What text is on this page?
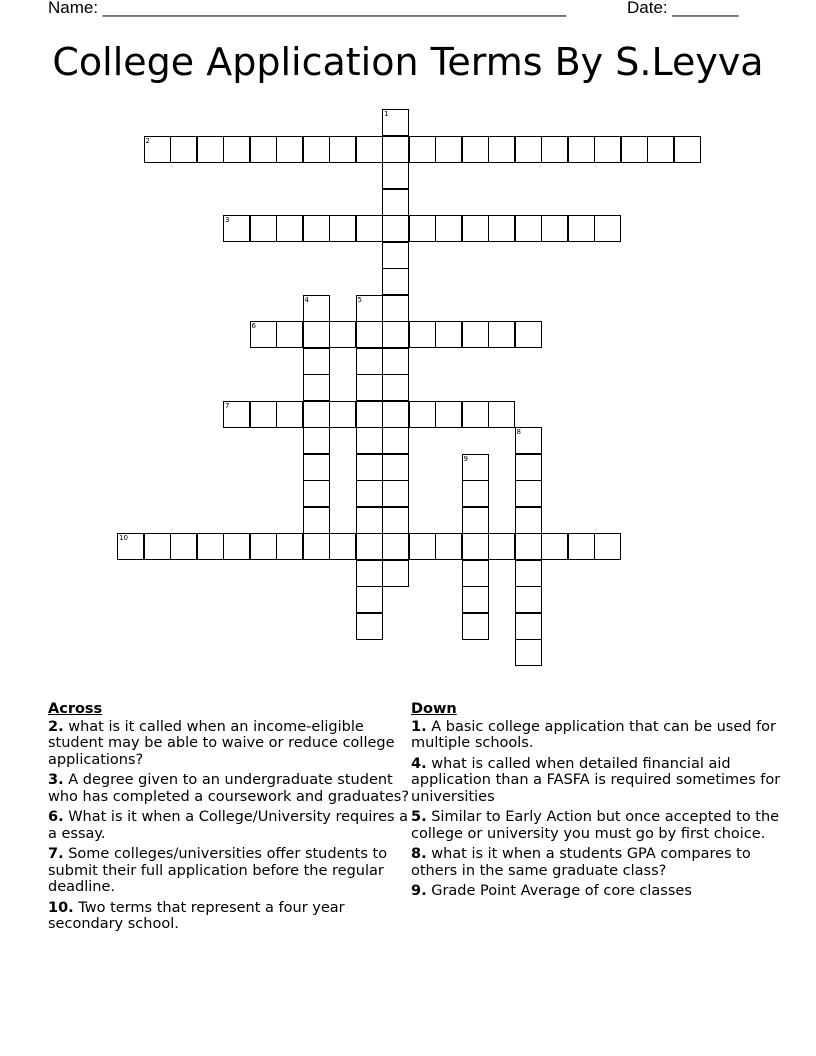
Name: _________________________________________________	Date: _______
College Application Terms By S.Leyva
1
2
3
4	5
6
7
8
9
10
Across
2. what is it called when an income-eligible student may be able to waive or reduce college applications?
3. A degree given to an undergraduate student who has completed a coursework and graduates?
6. What is it when a College/University requires a a essay.
7. Some colleges/universities offer students to submit their full application before the regular deadline.
10. Two terms that represent a four year secondary school.
Down
1. A basic college application that can be used for multiple schools.
4. what is called when detailed financial aid application than a FASFA is required sometimes for universities
5. Similar to Early Action but once accepted to the college or university you must go by first choice.
8. what is it when a students GPA compares to others in the same graduate class?
9. Grade Point Average of core classes
